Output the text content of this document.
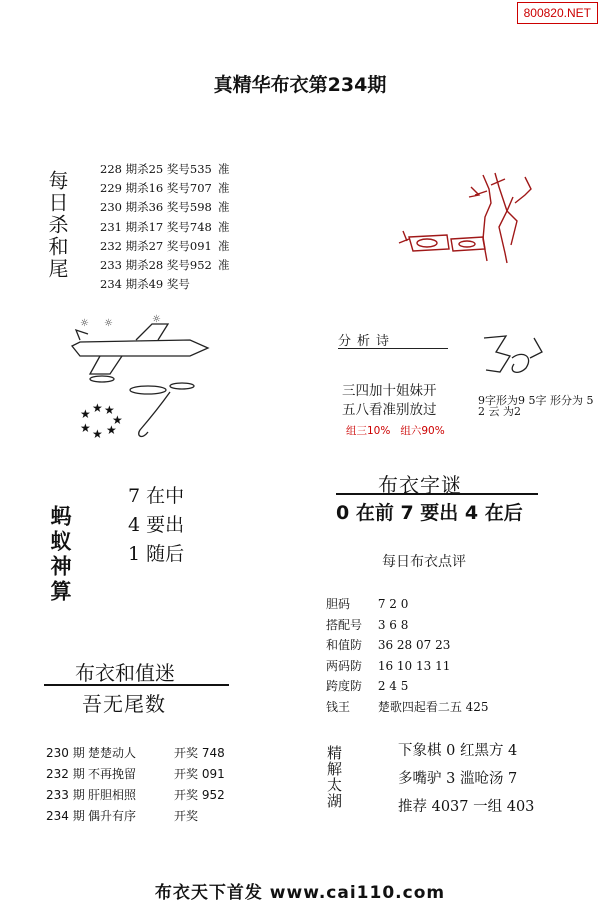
800820.NET
真精华布衣第234期
每日杀和尾
228 期杀25 奖号535 准
229 期杀16 奖号707 准
230 期杀36 奖号598 准
231 期杀17 奖号748 准
232 期杀27 奖号091 准
233 期杀28 奖号952 准
234 期杀49 奖号
★ ★ ★
★
★
★
★
☼ ☼	☼
蚂蚁神算
7 在中
4 要出
1 随后
分析诗
三四加十姐妹开
五八看准别放过
组三10% 组六90%
9字形为9 5字 形分为 5 2 云 为2
布衣字谜
0 在前 7 要出 4 在后
每日布衣点评
胆码 7 2 0
搭配号 3 6 8
和值防 36 28 07 23
两码防 16 10 13 11
跨度防 2 4 5
钱王 楚歌四起看二五 425
精解太湖	下象棋 0 红黑方 4
多嘴驴 3 滥呛汤 7
推荐 4037 一组 403
布衣和值迷
吾无尾数
230 期 楚楚动人	开奖 748
232 期 不再挽留	开奖 091
233 期 肝胆相照	开奖 952
234 期 偶升有序	开奖
布衣天下首发 www.cai110.com
